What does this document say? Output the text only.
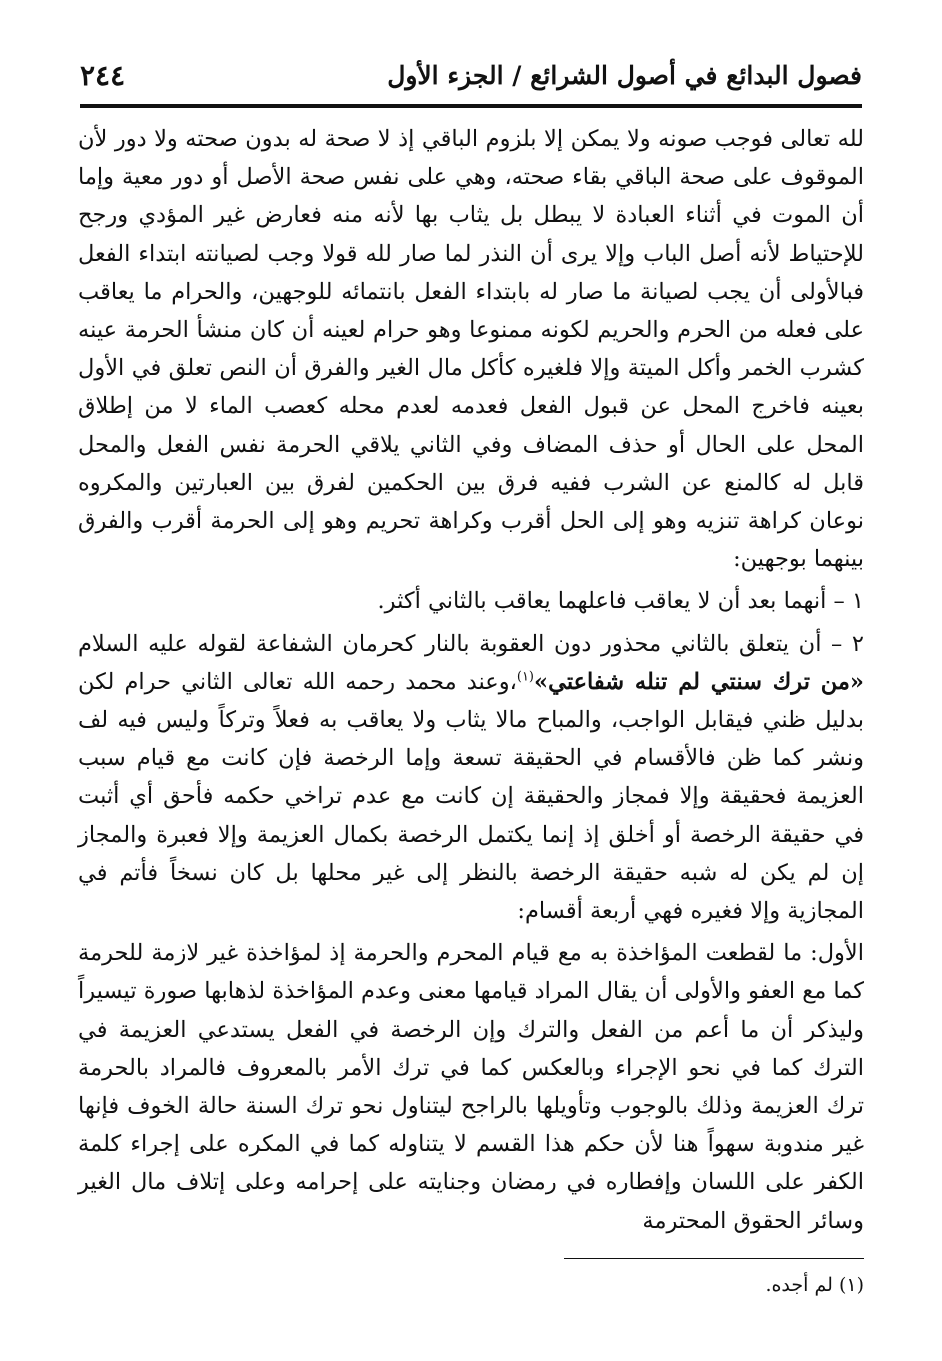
٢٤٤	فصول البدائع في أصول الشرائع / الجزء الأول

لله تعالى فوجب صونه ولا يمكن إلا بلزوم الباقي إذ لا صحة له بدون صحته ولا دور لأن الموقوف على صحة الباقي بقاء صحته، وهي على نفس صحة الأصل أو دور معية وإما أن الموت في أثناء العبادة لا يبطل بل يثاب بها لأنه منه فعارض غير المؤدي ورجح للإحتياط لأنه أصل الباب وإلا يرى أن النذر لما صار لله قولا وجب لصيانته ابتداء الفعل فبالأولى أن يجب لصيانة ما صار له بابتداء الفعل بانتمائه للوجهين، والحرام ما يعاقب على فعله من الحرم والحريم لكونه ممنوعا وهو حرام لعينه أن كان منشأ الحرمة عينه كشرب الخمر وأكل الميتة وإلا فلغيره كأكل مال الغير والفرق أن النص تعلق في الأول بعينه فاخرج المحل عن قبول الفعل فعدمه لعدم محله كعصب الماء لا من إطلاق المحل على الحال أو حذف المضاف وفي الثاني يلاقي الحرمة نفس الفعل والمحل قابل له كالمنع عن الشرب ففيه فرق بين الحكمين لفرق بين العبارتين والمكروه نوعان كراهة تنزيه وهو إلى الحل أقرب وكراهة تحريم وهو إلى الحرمة أقرب والفرق بينهما بوجهين:

١ – أنهما بعد أن لا يعاقب فاعلهما يعاقب بالثاني أكثر.

٢ – أن يتعلق بالثاني محذور دون العقوبة بالنار كحرمان الشفاعة لقوله عليه السلام «من ترك سنتي لم تنله شفاعتي»$^{(١)}$،وعند محمد رحمه الله تعالى الثاني حرام لكن بدليل ظني فيقابل الواجب، والمباح مالا يثاب ولا يعاقب به فعلاً وتركاً وليس فيه لف ونشر كما ظن فالأقسام في الحقيقة تسعة وإما الرخصة فإن كانت مع قيام سبب العزيمة فحقيقة وإلا فمجاز والحقيقة إن كانت مع عدم تراخي حكمه فأحق أي أثبت في حقيقة الرخصة أو أخلق إذ إنما يكتمل الرخصة بكمال العزيمة وإلا فعبرة والمجاز إن لم يكن له شبه حقيقة الرخصة بالنظر إلى غير محلها بل كان نسخاً فأتم في المجازية وإلا فغيره فهي أربعة أقسام:

الأول: ما لقطعت المؤاخذة به مع قيام المحرم والحرمة إذ لمؤاخذة غير لازمة للحرمة كما مع العفو والأولى أن يقال المراد قيامها معنى وعدم المؤاخذة لذهابها صورة تيسيراً وليذكر أن ما أعم من الفعل والترك وإن الرخصة في الفعل يستدعي العزيمة في الترك كما في نحو الإجراء وبالعكس كما في ترك الأمر بالمعروف فالمراد بالحرمة ترك العزيمة وذلك بالوجوب وتأويلها بالراجح ليتناول نحو ترك السنة حالة الخوف فإنها غير مندوبة سهواً هنا لأن حكم هذا القسم لا يتناوله كما في المكره على إجراء كلمة الكفر على اللسان وإفطاره في رمضان وجنايته على إحرامه وعلى إتلاف مال الغير وسائر الحقوق المحترمة

(١) لم أجده.
